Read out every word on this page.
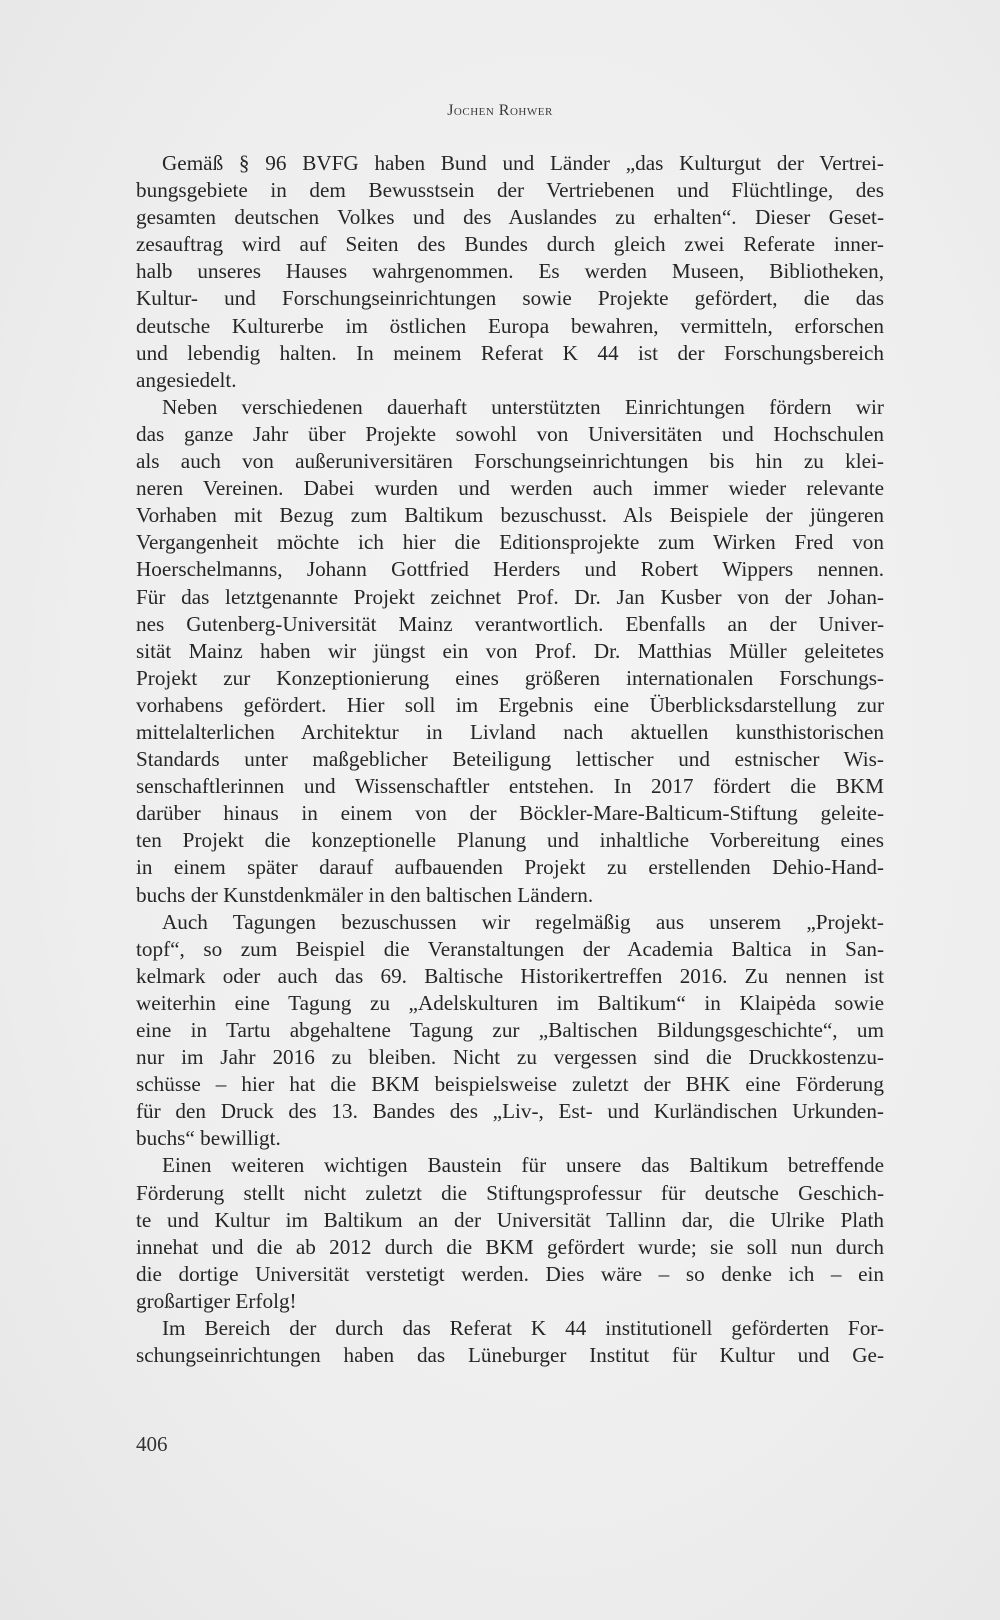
Jochen Rohwer
Gemäß § 96 BVFG haben Bund und Länder „das Kulturgut der Vertrei-
bungsgebiete in dem Bewusstsein der Vertriebenen und Flüchtlinge, des
gesamten deutschen Volkes und des Auslandes zu erhalten“. Dieser Geset-
zesauftrag wird auf Seiten des Bundes durch gleich zwei Referate inner-
halb unseres Hauses wahrgenommen. Es werden Museen, Bibliotheken,
Kultur- und Forschungseinrichtungen sowie Projekte gefördert, die das
deutsche Kulturerbe im östlichen Europa bewahren, vermitteln, erforschen
und lebendig halten. In meinem Referat K 44 ist der Forschungsbereich
angesiedelt.
Neben verschiedenen dauerhaft unterstützten Einrichtungen fördern wir
das ganze Jahr über Projekte sowohl von Universitäten und Hochschulen
als auch von außeruniversitären Forschungseinrichtungen bis hin zu klei-
neren Vereinen. Dabei wurden und werden auch immer wieder relevante
Vorhaben mit Bezug zum Baltikum bezuschusst. Als Beispiele der jüngeren
Vergangenheit möchte ich hier die Editionsprojekte zum Wirken Fred von
Hoerschelmanns, Johann Gottfried Herders und Robert Wippers nennen.
Für das letztgenannte Projekt zeichnet Prof. Dr. Jan Kusber von der Johan-
nes Gutenberg-Universität Mainz verantwortlich. Ebenfalls an der Univer-
sität Mainz haben wir jüngst ein von Prof. Dr. Matthias Müller geleitetes
Projekt zur Konzeptionierung eines größeren internationalen Forschungs-
vorhabens gefördert. Hier soll im Ergebnis eine Überblicksdarstellung zur
mittelalterlichen Architektur in Livland nach aktuellen kunsthistorischen
Standards unter maßgeblicher Beteiligung lettischer und estnischer Wis-
senschaftlerinnen und Wissenschaftler entstehen. In 2017 fördert die BKM
darüber hinaus in einem von der Böckler-Mare-Balticum-Stiftung geleite-
ten Projekt die konzeptionelle Planung und inhaltliche Vorbereitung eines
in einem später darauf aufbauenden Projekt zu erstellenden Dehio-Hand-
buchs der Kunstdenkmäler in den baltischen Ländern.
Auch Tagungen bezuschussen wir regelmäßig aus unserem „Projekt-
topf“, so zum Beispiel die Veranstaltungen der Academia Baltica in San-
kelmark oder auch das 69. Baltische Historikertreffen 2016. Zu nennen ist
weiterhin eine Tagung zu „Adelskulturen im Baltikum“ in Klaipėda sowie
eine in Tartu abgehaltene Tagung zur „Baltischen Bildungsgeschichte“, um
nur im Jahr 2016 zu bleiben. Nicht zu vergessen sind die Druckkostenzu-
schüsse – hier hat die BKM beispielsweise zuletzt der BHK eine Förderung
für den Druck des 13. Bandes des „Liv-, Est- und Kurländischen Urkunden-
buchs“ bewilligt.
Einen weiteren wichtigen Baustein für unsere das Baltikum betreffende
Förderung stellt nicht zuletzt die Stiftungsprofessur für deutsche Geschich-
te und Kultur im Baltikum an der Universität Tallinn dar, die Ulrike Plath
innehat und die ab 2012 durch die BKM gefördert wurde; sie soll nun durch
die dortige Universität verstetigt werden. Dies wäre – so denke ich – ein
großartiger Erfolg!
Im Bereich der durch das Referat K 44 institutionell geförderten For-
schungseinrichtungen haben das Lüneburger Institut für Kultur und Ge-
406
